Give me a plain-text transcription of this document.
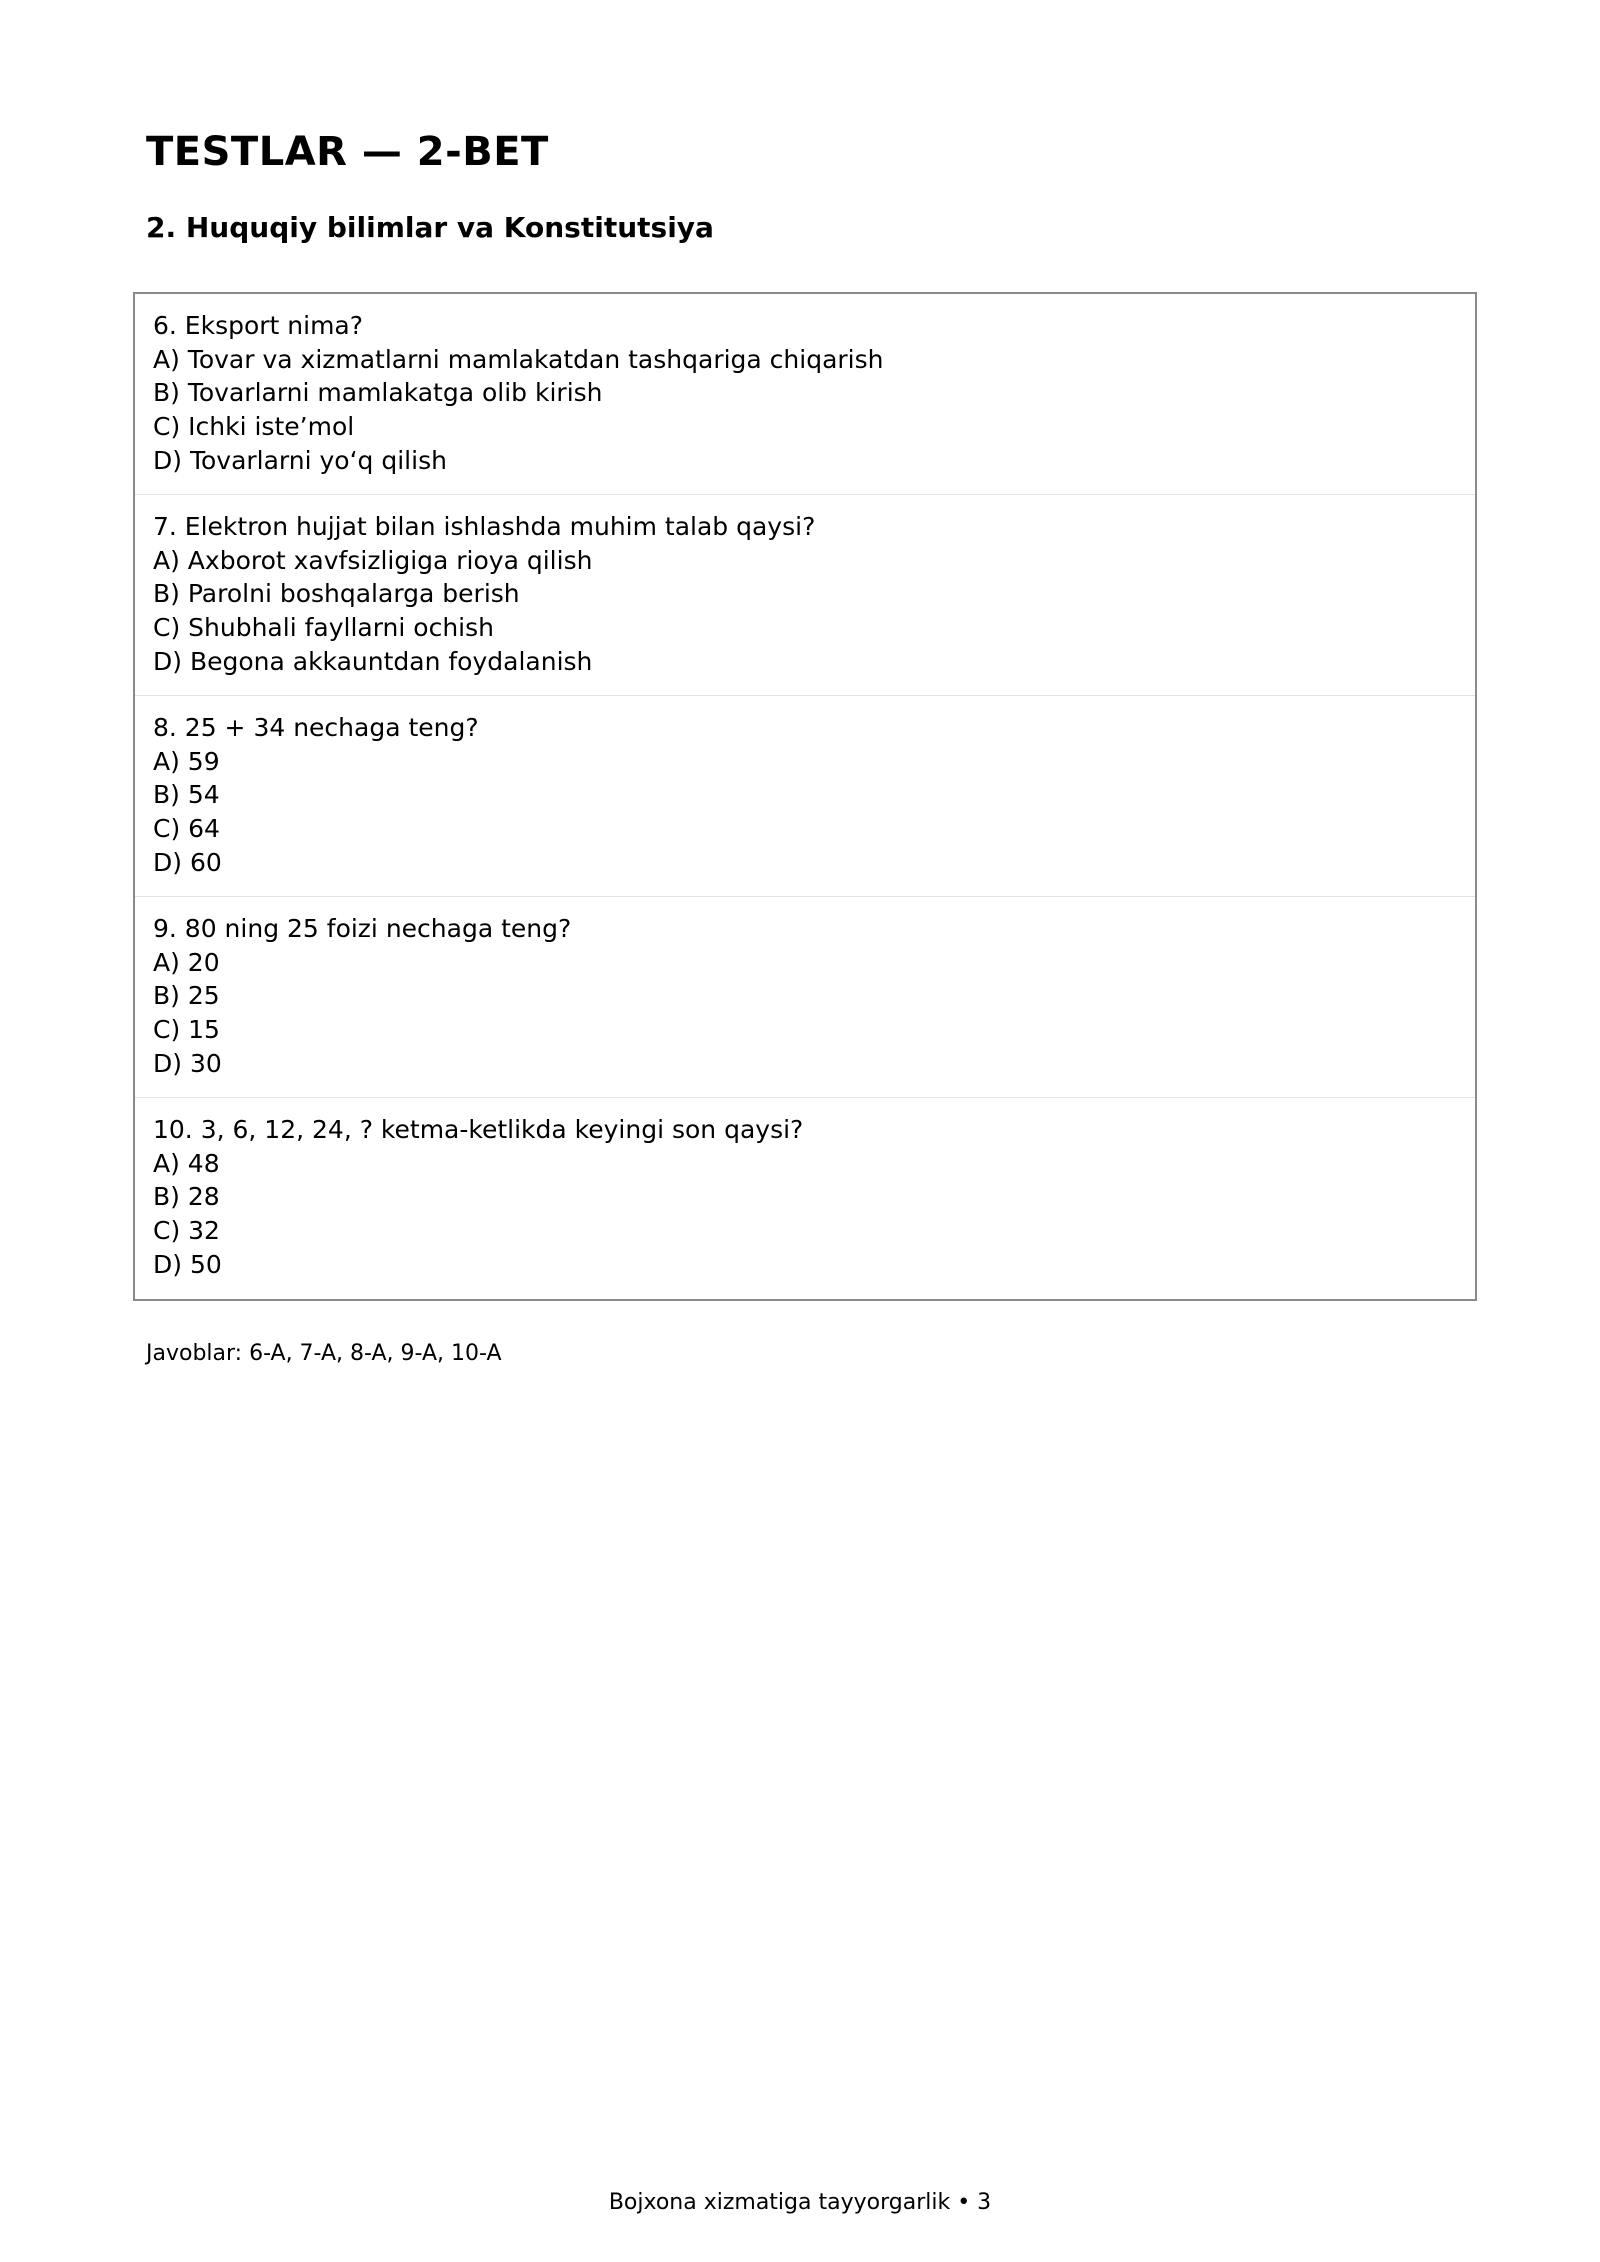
TESTLAR — 2-BET
2. Huquqiy bilimlar va Konstitutsiya
6. Eksport nima?
A) Tovar va xizmatlarni mamlakatdan tashqariga chiqarish
B) Tovarlarni mamlakatga olib kirish
C) Ichki iste’mol
D) Tovarlarni yoʻq qilish
7. Elektron hujjat bilan ishlashda muhim talab qaysi?
A) Axborot xavfsizligiga rioya qilish
B) Parolni boshqalarga berish
C) Shubhali fayllarni ochish
D) Begona akkauntdan foydalanish
8. 25 + 34 nechaga teng?
A) 59
B) 54
C) 64
D) 60
9. 80 ning 25 foizi nechaga teng?
A) 20
B) 25
C) 15
D) 30
10. 3, 6, 12, 24, ? ketma-ketlikda keyingi son qaysi?
A) 48
B) 28
C) 32
D) 50

Javoblar: 6-A, 7-A, 8-A, 9-A, 10-A

Bojxona xizmatiga tayyorgarlik • 3
